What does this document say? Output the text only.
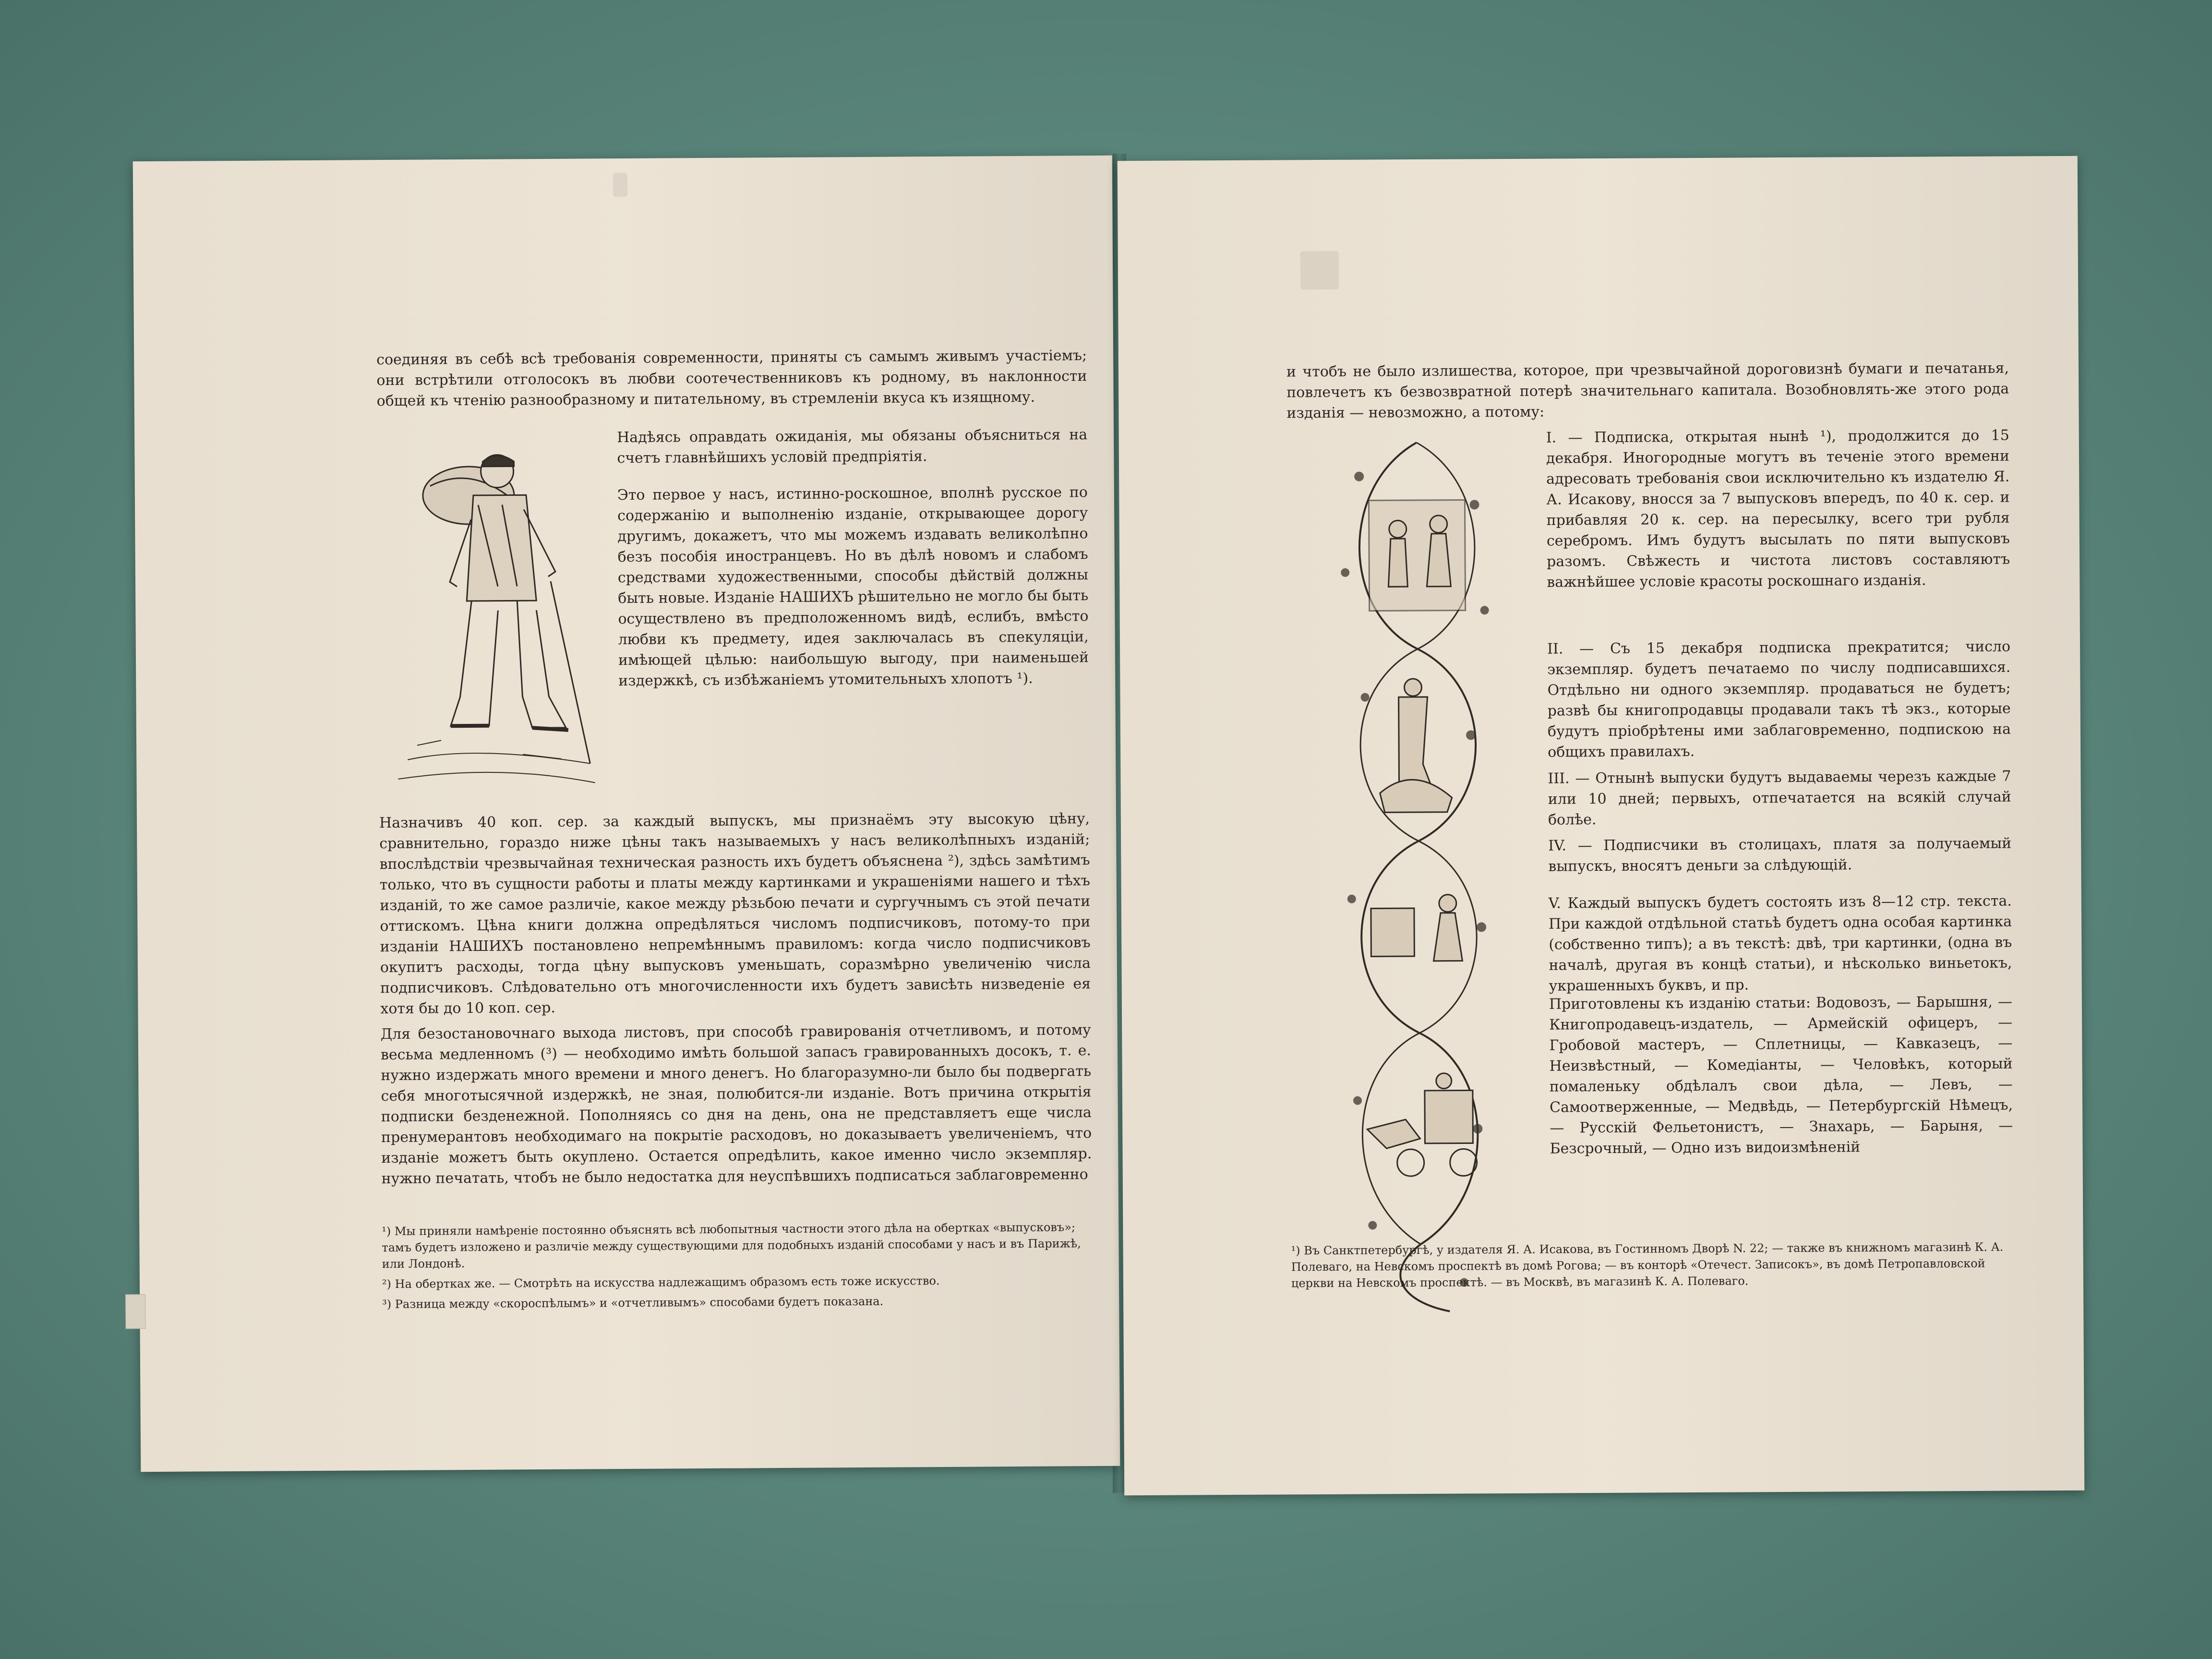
соединяя въ себѣ всѣ требованія современности, приняты съ самымъ живымъ участіемъ; они встрѣтили отголосокъ въ любви соотечественниковъ къ родному, въ наклонности общей къ чтенію разнообразному и питательному, въ стремленіи вкуса къ изящному.
Надѣясь оправдать ожиданія, мы обязаны объясниться на счетъ главнѣйшихъ условій предпріятія.
Это первое у насъ, истинно-роскошное, вполнѣ русское по содержанію и выполненію изданіе, открывающее дорогу другимъ, докажетъ, что мы можемъ издавать великолѣпно безъ пособія иностранцевъ. Но въ дѣлѣ новомъ и слабомъ средствами художественными, способы дѣйствій должны быть новые. Изданіе НАШИХЪ рѣшительно не могло бы быть осуществлено въ предположенномъ видѣ, еслибъ, вмѣсто любви къ предмету, идея заключалась въ спекуляціи, имѣющей цѣлью: наибольшую выгоду, при наименьшей издержкѣ, съ избѣжаніемъ утомительныхъ хлопотъ ¹).
Назначивъ 40 коп. сер. за каждый выпускъ, мы признаёмъ эту высокую цѣну, сравнительно, гораздо ниже цѣны такъ называемыхъ у насъ великолѣпныхъ изданій; впослѣдствіи чрезвычайная техническая разность ихъ будетъ объяснена ²), здѣсь замѣтимъ только, что въ сущности работы и платы между картинками и украшеніями нашего и тѣхъ изданій, то же самое различіе, какое между рѣзьбою печати и сургучнымъ съ этой печати оттискомъ. Цѣна книги должна опредѣляться числомъ подписчиковъ, потому-то при изданіи НАШИХЪ постановлено непремѣннымъ правиломъ: когда число подписчиковъ окупитъ расходы, тогда цѣну выпусковъ уменьшать, соразмѣрно увеличенію числа подписчиковъ. Слѣдовательно отъ многочисленности ихъ будетъ зависѣть низведеніе ея хотя бы до 10 коп. сер.
Для безостановочнаго выхода листовъ, при способѣ гравированія отчетливомъ, и потому весьма медленномъ (³) — необходимо имѣть большой запасъ гравированныхъ досокъ, т. е. нужно издержать много времени и много денегъ. Но благоразумно-ли было бы подвергать себя многотысячной издержкѣ, не зная, полюбится-ли изданіе. Вотъ причина открытія подписки безденежной. Пополняясь со дня на день, она не представляетъ еще числа пренумерантовъ необходимаго на покрытіе расходовъ, но доказываетъ увеличеніемъ, что изданіе можетъ быть окуплено. Остается опредѣлить, какое именно число экземпляр. нужно печатать, чтобъ не было недостатка для неуспѣвшихъ подписаться заблаговременно

¹) Мы приняли намѣреніе постоянно объяснять всѣ любопытныя частности этого дѣла на обертках «выпусковъ»; тамъ будетъ изложено и различіе между существующими для подобныхъ изданій способами у насъ и въ Парижѣ, или Лондонѣ.

²) На обертках же. — Смотрѣть на искусства надлежащимъ образомъ есть тоже искусство.

³) Разница между «скороспѣлымъ» и «отчетливымъ» способами будетъ показана.

и чтобъ не было излишества, которое, при чрезвычайной дороговизнѣ бумаги и печатанья, повлечетъ къ безвозвратной потерѣ значительнаго капитала. Возобновлять-же этого рода изданія — невозможно, а потому:
I. — Подписка, открытая нынѣ ¹), продолжится до 15 декабря. Иногородные могутъ въ теченіе этого времени адресовать требованія свои исключительно къ издателю Я. А. Исакову, вносся за 7 выпусковъ впередъ, по 40 к. сер. и прибавляя 20 к. сер. на пересылку, всего три рубля серебромъ. Имъ будутъ высылать по пяти выпусковъ разомъ. Свѣжесть и чистота листовъ составляютъ важнѣйшее условіе красоты роскошнаго изданія.
II. — Съ 15 декабря подписка прекратится; число экземпляр. будетъ печатаемо по числу подписавшихся. Отдѣльно ни одного экземпляр. продаваться не будетъ; развѣ бы книгопродавцы продавали такъ тѣ экз., которые будутъ пріобрѣтены ими заблаговременно, подпискою на общихъ правилахъ.
III. — Отнынѣ выпуски будутъ выдаваемы черезъ каждые 7 или 10 дней; первыхъ, отпечатается на всякій случай болѣе.
IV. — Подписчики въ столицахъ, платя за получаемый выпускъ, вносятъ деньги за слѣдующій.
V. Каждый выпускъ будетъ состоять изъ 8—12 стр. текста. При каждой отдѣльной статьѣ будетъ одна особая картинка (собственно типъ); а въ текстѣ: двѣ, три картинки, (одна въ началѣ, другая въ концѣ статьи), и нѣсколько виньетокъ, украшенныхъ буквъ, и пр.
Приготовлены къ изданію статьи: Водовозъ, — Барышня, — Книгопродавецъ-издатель, — Армейскій офицеръ, — Гробовой мастеръ, — Сплетницы, — Кавказецъ, — Неизвѣстный, — Комедіанты, — Человѣкъ, который помаленьку обдѣлалъ свои дѣла, — Левъ, — Самоотверженные, — Медвѣдь, — Петербургскій Нѣмецъ, — Русскій Фельетонистъ, — Знахарь, — Барыня, — Безсрочный, — Одно изъ видоизмѣненій
¹) Въ Санктпетербургѣ, у издателя Я. А. Исакова, въ Гостинномъ Дворѣ N. 22; — также въ книжномъ магазинѣ К. А. Полеваго, на Невскомъ проспектѣ въ домѣ Рогова; — въ конторѣ «Отечест. Записокъ», въ домѣ Петропавловской церкви на Невскомъ проспектѣ. — въ Москвѣ, въ магазинѣ К. А. Полеваго.
